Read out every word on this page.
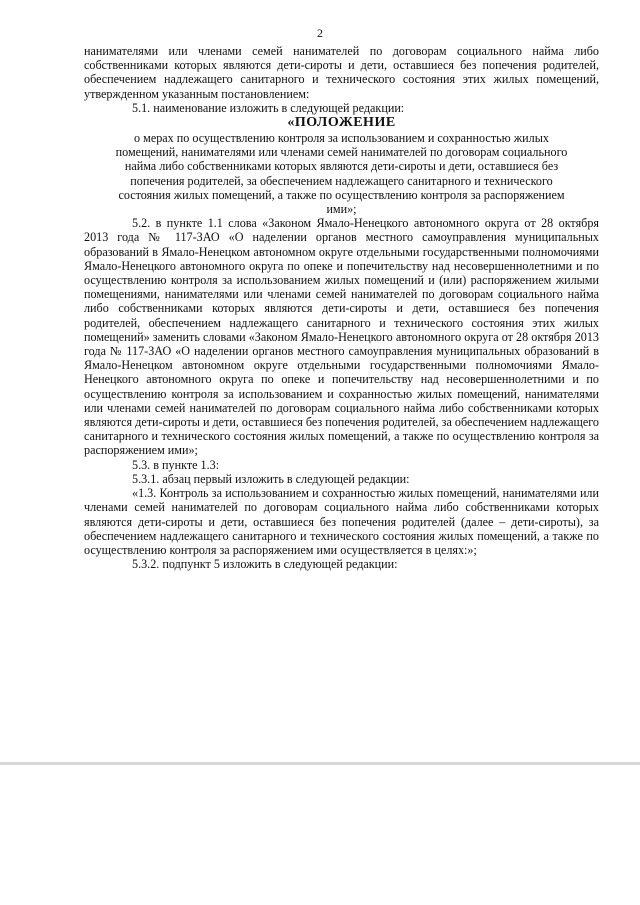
2

нанимателями или членами семей нанимателей по договорам социального найма либо собственниками которых являются дети-сироты и дети, оставшиеся без попечения родителей, обеспечением надлежащего санитарного и технического состояния этих жилых помещений, утвержденном указанным постановлением:

5.1. наименование изложить в следующей редакции:

«ПОЛОЖЕНИЕ

о мерах по осуществлению контроля за использованием и сохранностью жилых помещений, нанимателями или членами семей нанимателей по договорам социального найма либо собственниками которых являются дети-сироты и дети, оставшиеся без попечения родителей, за обеспечением надлежащего санитарного и технического состояния жилых помещений, а также по осуществлению контроля за распоряжением ими»;

5.2. в пункте 1.1 слова «Законом Ямало-Ненецкого автономного округа от 28 октября 2013 года № 117-ЗАО «О наделении органов местного самоуправления муниципальных образований в Ямало-Ненецком автономном округе отдельными государственными полномочиями Ямало-Ненецкого автономного округа по опеке и попечительству над несовершеннолетними и по осуществлению контроля за использованием жилых помещений и (или) распоряжением жилыми помещениями, нанимателями или членами семей нанимателей по договорам социального найма либо собственниками которых являются дети-сироты и дети, оставшиеся без попечения родителей, обеспечением надлежащего санитарного и технического состояния этих жилых помещений» заменить словами «Законом Ямало-Ненецкого автономного округа от 28 октября 2013 года № 117-ЗАО «О наделении органов местного самоуправления муниципальных образований в Ямало-Ненецком автономном округе отдельными государственными полномочиями Ямало-Ненецкого автономного округа по опеке и попечительству над несовершеннолетними и по осуществлению контроля за использованием и сохранностью жилых помещений, нанимателями или членами семей нанимателей по договорам социального найма либо собственниками которых являются дети-сироты и дети, оставшиеся без попечения родителей, за обеспечением надлежащего санитарного и технического состояния жилых помещений, а также по осуществлению контроля за распоряжением ими»;

5.3. в пункте 1.3:

5.3.1. абзац первый изложить в следующей редакции:

«1.3. Контроль за использованием и сохранностью жилых помещений, нанимателями или членами семей нанимателей по договорам социального найма либо собственниками которых являются дети-сироты и дети, оставшиеся без попечения родителей (далее – дети-сироты), за обеспечением надлежащего санитарного и технического состояния жилых помещений, а также по осуществлению контроля за распоряжением ими осуществляется в целях:»;

5.3.2. подпункт 5 изложить в следующей редакции:
